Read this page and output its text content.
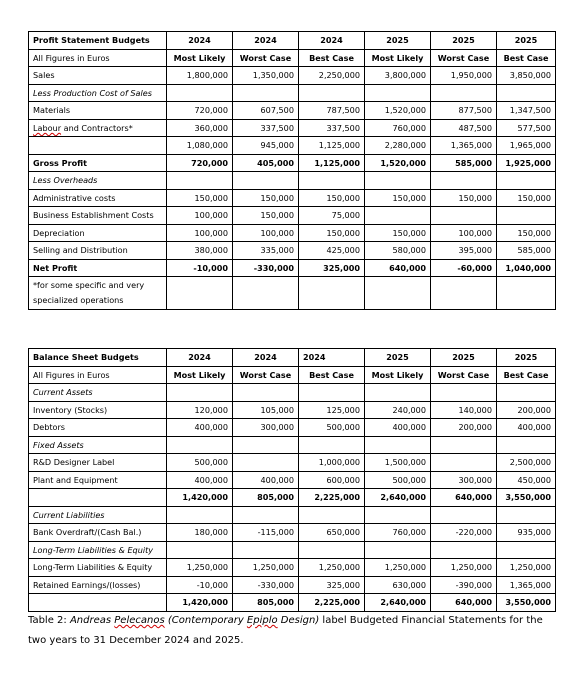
Profit Statement Budgets	2024	2024	2024	2025	2025	2025
All Figures in Euros	Most Likely	Worst Case	Best Case	Most Likely	Worst Case	Best Case
Sales	1,800,000	1,350,000	2,250,000	3,800,000	1,950,000	3,850,000
Less Production Cost of Sales						
Materials	720,000	607,500	787,500	1,520,000	877,500	1,347,500
Labour and Contractors*	360,000	337,500	337,500	760,000	487,500	577,500
	1,080,000	945,000	1,125,000	2,280,000	1,365,000	1,965,000
Gross Profit	720,000	405,000	1,125,000	1,520,000	585,000	1,925,000
Less Overheads						
Administrative costs	150,000	150,000	150,000	150,000	150,000	150,000
Business Establishment Costs	100,000	150,000	75,000			
Depreciation	100,000	100,000	150,000	150,000	100,000	150,000
Selling and Distribution	380,000	335,000	425,000	580,000	395,000	585,000
Net Profit	-10,000	-330,000	325,000	640,000	-60,000	1,040,000
*for some specific and very specialized operations						
Balance Sheet Budgets	2024	2024	2024	2025	2025	2025
All Figures in Euros	Most Likely	Worst Case	Best Case	Most Likely	Worst Case	Best Case
Current Assets						
Inventory (Stocks)	120,000	105,000	125,000	240,000	140,000	200,000
Debtors	400,000	300,000	500,000	400,000	200,000	400,000
Fixed Assets						
R&D Designer Label	500,000		1,000,000	1,500,000		2,500,000
Plant and Equipment	400,000	400,000	600,000	500,000	300,000	450,000
	1,420,000	805,000	2,225,000	2,640,000	640,000	3,550,000
Current Liabilities						
Bank Overdraft/(Cash Bal.)	180,000	-115,000	650,000	760,000	-220,000	935,000
Long-Term Liabilities & Equity						
Long-Term Liabilities & Equity	1,250,000	1,250,000	1,250,000	1,250,000	1,250,000	1,250,000
Retained Earnings/(losses)	-10,000	-330,000	325,000	630,000	-390,000	1,365,000
	1,420,000	805,000	2,225,000	2,640,000	640,000	3,550,000
Table 2: Andreas Pelecanos (Contemporary Epiplo Design) label Budgeted Financial Statements for the two years to 31 December 2024 and 2025.
